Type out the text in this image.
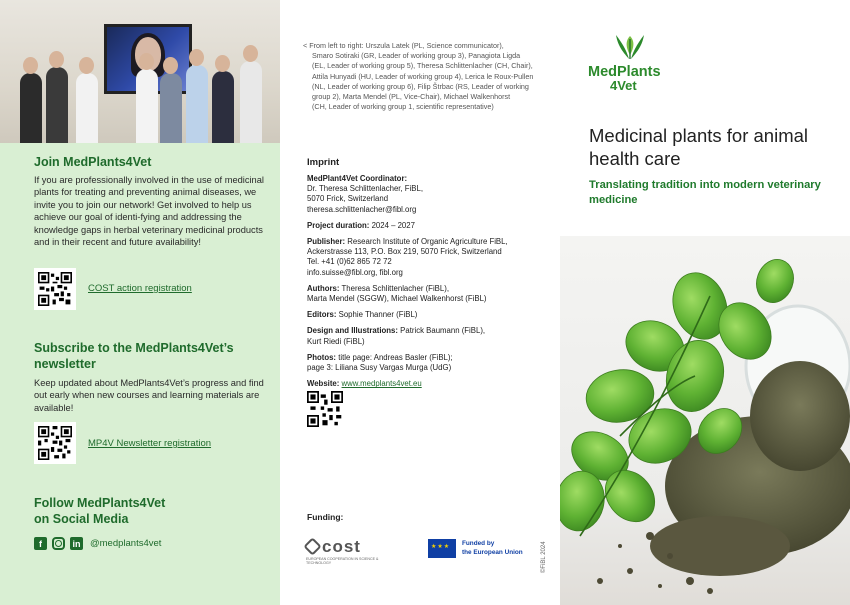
Join MedPlants4Vet

If you are professionally involved in the use of medicinal plants for treating and preventing animal diseases, we invite you to join our network! Get involved to help us achieve our goal of identi-fying and addressing the knowledge gaps in herbal veterinary medicinal products and in their recent and future availability!

COST action registration
Subscribe to the MedPlants4Vet’s
newsletter

Keep updated about MedPlants4Vet’s progress and find out early when new courses and learning materials are available!

MP4V Newsletter registration
Follow MedPlants4Vet
on Social Media
f	in @medplants4vet
< From left to right: Urszula Latek (PL, Science communicator),
Smaro Sotiraki (GR, Leader of working group 3), Panagiota Ligda
(EL, Leader of working group 5), Theresa Schlittenlacher (CH, Chair),
Attila Hunyadi (HU, Leader of working group 4), Lerica le Roux-Pullen
(NL, Leader of working group 6), Filip Štrbac (RS, Leader of working
group 2), Marta Mendel (PL, Vice-Chair), Michael Walkenhorst
(CH, Leader of working group 1, scientific representative)
Imprint
MedPlant4Vet Coordinator:
Dr. Theresa Schlittenlacher, FiBL,
5070 Frick, Switzerland
theresa.schlittenlacher@fibl.org
Project duration: 2024 – 2027
Publisher: Research Institute of Organic Agriculture FiBL,
Ackerstrasse 113, P.O. Box 219, 5070 Frick, Switzerland
Tel. +41 (0)62 865 72 72
info.suisse@fibl.org, fibl.org
Authors: Theresa Schlittenlacher (FiBL),
Marta Mendel (SGGW), Michael Walkenhorst (FiBL)
Editors: Sophie Thanner (FiBL)
Design and Illustrations: Patrick Baumann (FiBL),
Kurt Riedi (FiBL)
Photos: title page: Andreas Basler (FiBL);
page 3: Liliana Susy Vargas Murga (UdG)
Website: www.medplants4vet.eu
Funding:
cost
EUROPEAN COOPERATION IN SCIENCE & TECHNOLOGY
★★★
Funded by
the European Union	©FiBL 2024
MedPlants
4Vet
Medicinal plants for animal health care
Translating tradition into modern veterinary medicine
